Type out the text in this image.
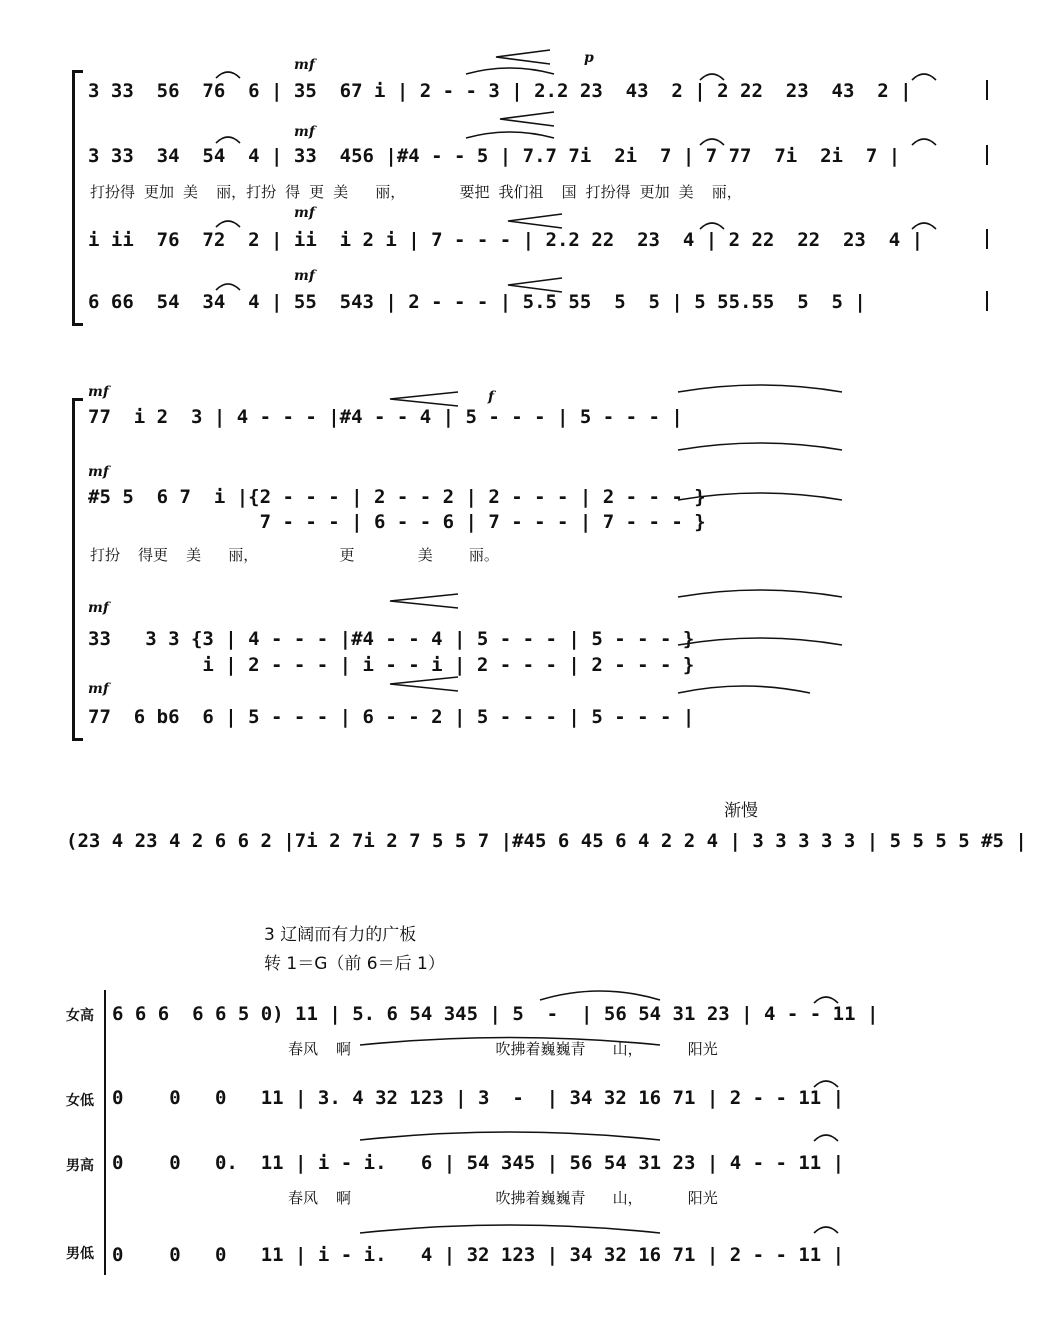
mf	p
3 33  56  76  6 | 35  67 i | 2 - - 3 | 2.2 23  43  2 | 2 22  23  43  2 |
mf
3 33  34  54  4 | 33  456 |#4 - - 5 | 7.7 7i  2i  7 | 7 77  7i  2i  7 |
打扮得 更加 美  丽，打扮 得 更 美   丽，      要把 我们祖  国 打扮得 更加 美  丽，
mf
i ii  76  72  2 | ii  i 2 i | 7 - - - | 2.2 22  23  4 | 2 22  22  23  4 |
mf
6 66  54  34  4 | 55  543 | 2 - - - | 5.5 55  5  5 | 5 55.55  5  5 |
mf	f
77  i 2  3 | 4 - - - |#4 - - 4 | 5 - - - | 5 - - - |
mf
#5 5  6 7  i |{2 - - - | 2 - - 2 | 2 - - - | 2 - - - }
7 - - - | 6 - - 6 | 7 - - - | 7 - - - }
打扮  得更  美   丽，         更       美    丽。
mf
33   3 3 {3 | 4 - - - |#4 - - 4 | 5 - - - | 5 - - - }
i | 2 - - - | i - - i | 2 - - - | 2 - - - }
mf
77  6 b6  6 | 5 - - - | 6 - - 2 | 5 - - - | 5 - - - |
渐慢
(23 4 23 4 2 6 6 2 |7i 2 7i 2 7 5 5 7 |#45 6 45 6 4 2 2 4 | 3 3 3 3 3 | 5 5 5 5 #5 |
3 辽阔而有力的广板
转 1＝G（前 6＝后 1）
女高 6 6 6  6 6 5 0) 11 | 5. 6 54 345 | 5  -  | 56 54 31 23 | 4 - - 11 |
春风  啊                吹拂着巍巍青   山，     阳光
女低 0    0   0   11 | 3. 4 32 123 | 3  -  | 34 32 16 71 | 2 - - 11 |
男高 0    0   0.  11 | i - i.   6 | 54 345 | 56 54 31 23 | 4 - - 11 |
春风  啊                吹拂着巍巍青   山，     阳光
男低 0    0   0   11 | i - i.   4 | 32 123 | 34 32 16 71 | 2 - - 11 |
